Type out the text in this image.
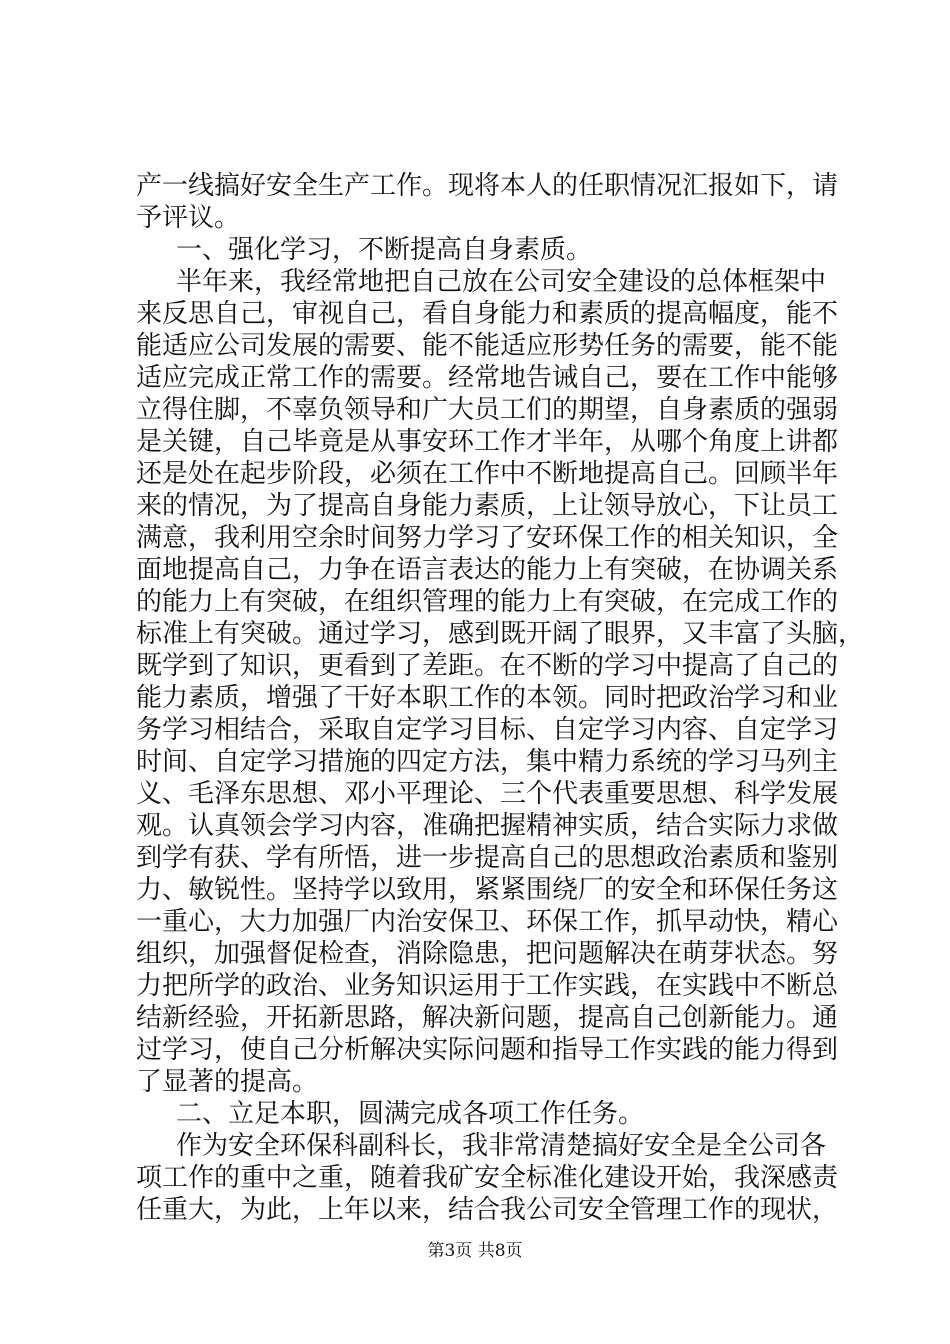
产一线搞好安全生产工作。现将本人的任职情况汇报如下，请
予评议。
一、强化学习，不断提高自身素质。
半年来，我经常地把自己放在公司安全建设的总体框架中
来反思自己，审视自己，看自身能力和素质的提高幅度，能不
能适应公司发展的需要、能不能适应形势任务的需要，能不能
适应完成正常工作的需要。经常地告诫自己，要在工作中能够
立得住脚，不辜负领导和广大员工们的期望，自身素质的强弱
是关键，自己毕竟是从事安环工作才半年，从哪个角度上讲都
还是处在起步阶段，必须在工作中不断地提高自己。回顾半年
来的情况，为了提高自身能力素质，上让领导放心，下让员工
满意，我利用空余时间努力学习了安环保工作的相关知识，全
面地提高自己，力争在语言表达的能力上有突破，在协调关系
的能力上有突破，在组织管理的能力上有突破，在完成工作的
标准上有突破。通过学习，感到既开阔了眼界，又丰富了头脑，
既学到了知识，更看到了差距。在不断的学习中提高了自己的
能力素质，增强了干好本职工作的本领。同时把政治学习和业
务学习相结合，采取自定学习目标、自定学习内容、自定学习
时间、自定学习措施的四定方法，集中精力系统的学习马列主
义、毛泽东思想、邓小平理论、三个代表重要思想、科学发展
观。认真领会学习内容，准确把握精神实质，结合实际力求做
到学有获、学有所悟，进一步提高自己的思想政治素质和鉴别
力、敏锐性。坚持学以致用，紧紧围绕厂的安全和环保任务这
一重心，大力加强厂内治安保卫、环保工作，抓早动快，精心
组织，加强督促检查，消除隐患，把问题解决在萌芽状态。努
力把所学的政治、业务知识运用于工作实践，在实践中不断总
结新经验，开拓新思路，解决新问题，提高自己创新能力。通
过学习，使自己分析解决实际问题和指导工作实践的能力得到
了显著的提高。
二、立足本职，圆满完成各项工作任务。
作为安全环保科副科长，我非常清楚搞好安全是全公司各
项工作的重中之重，随着我矿安全标准化建设开始，我深感责
任重大，为此，上年以来，结合我公司安全管理工作的现状，
第3页 共8页
